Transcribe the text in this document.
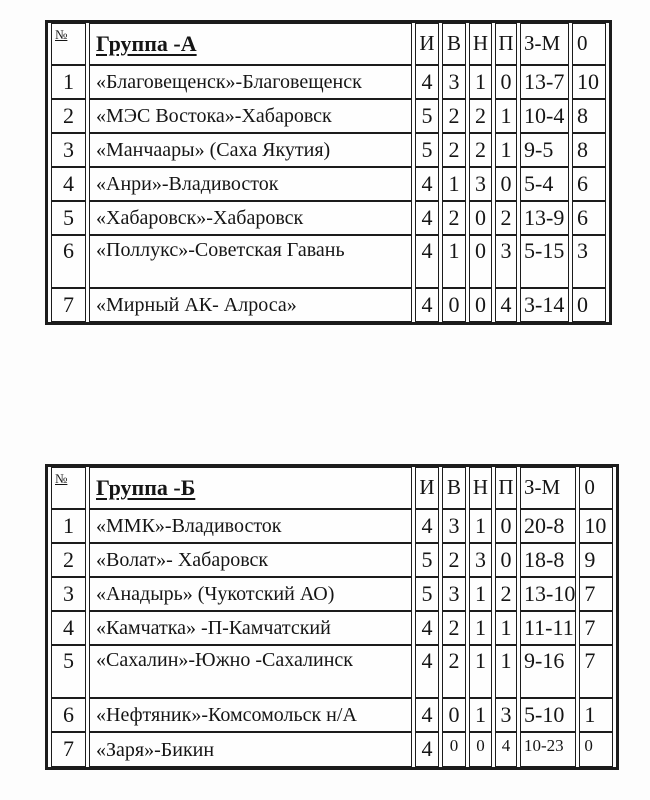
№	Группа -А	И	В	Н	П	З-М	0
1	«Благовещенск»-Благовещенск	4	3	1	0	13-7	10
2	«МЭС Востока»-Хабаровск	5	2	2	1	10-4	8
3	«Манчаары» (Саха Якутия)	5	2	2	1	9-5	8
4	«Анри»-Владивосток	4	1	3	0	5-4	6
5	«Хабаровск»-Хабаровск	4	2	0	2	13-9	6
6	«Поллукс»-Советская Гавань	4	1	0	3	5-15	3
7	«Мирный АК- Алроса»	4	0	0	4	3-14	0
№	Группа -Б	И	В	Н	П	З-М	0
1	«ММК»-Владивосток	4	3	1	0	20-8	10
2	«Волат»- Хабаровск	5	2	3	0	18-8	9
3	«Анадырь» (Чукотский АО)	5	3	1	2	13-10	7
4	«Камчатка» -П-Камчатский	4	2	1	1	11-11	7
5	«Сахалин»-Южно -Сахалинск	4	2	1	1	9-16	7
6	«Нефтяник»-Комсомольск н/А	4	0	1	3	5-10	1
7	«Заря»-Бикин	4	0	0	4	10-23	0
